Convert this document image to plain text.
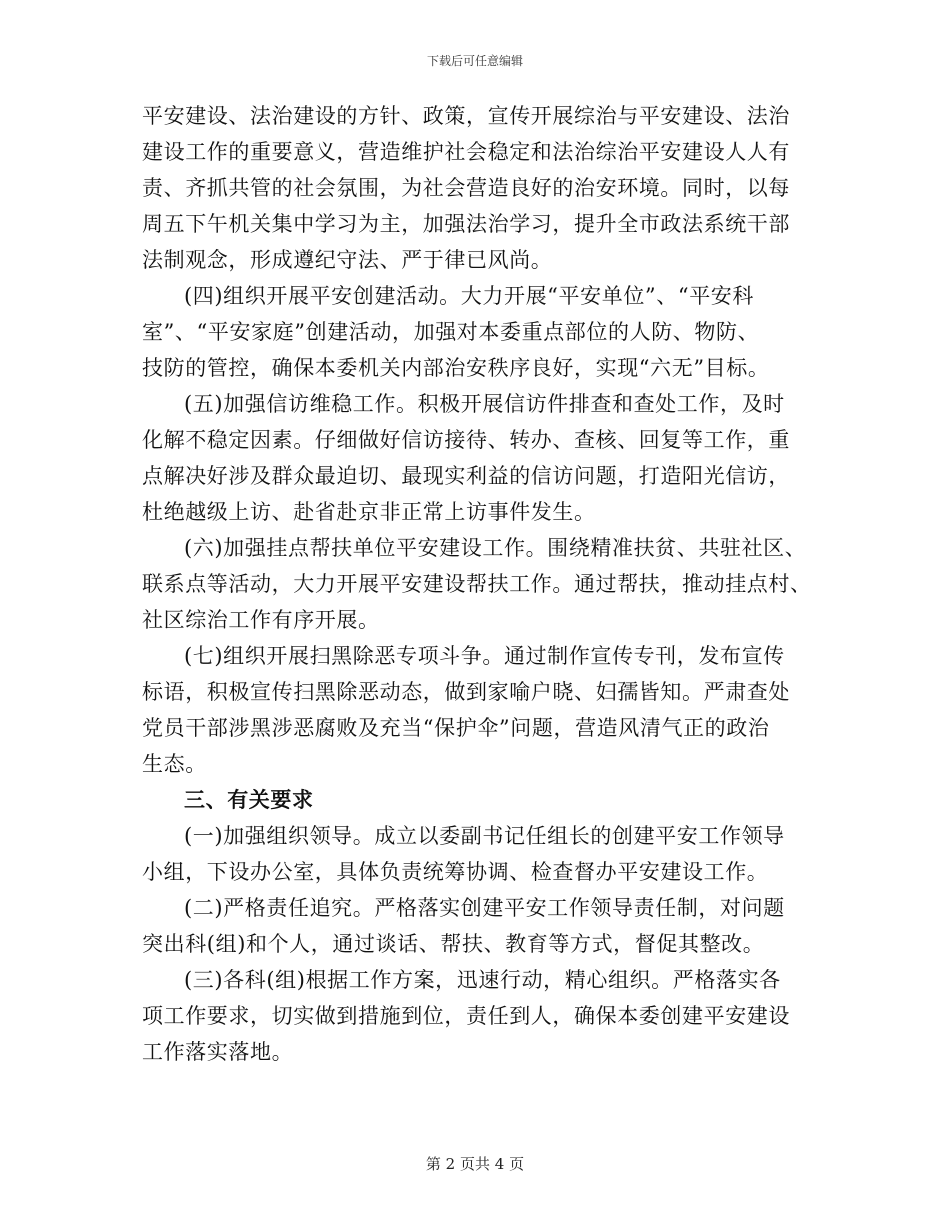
下载后可任意编辑
平安建设、法治建设的方针、政策，宣传开展综治与平安建设、法治
建设工作的重要意义，营造维护社会稳定和法治综治平安建设人人有
责、齐抓共管的社会氛围，为社会营造良好的治安环境。同时，以每
周五下午机关集中学习为主，加强法治学习，提升全市政法系统干部
法制观念，形成遵纪守法、严于律已风尚。
(四)组织开展平安创建活动。大力开展“平安单位”、“平安科
室”、“平安家庭”创建活动，加强对本委重点部位的人防、物防、
技防的管控，确保本委机关内部治安秩序良好，实现“六无”目标。
(五)加强信访维稳工作。积极开展信访件排查和查处工作，及时
化解不稳定因素。仔细做好信访接待、转办、查核、回复等工作，重
点解决好涉及群众最迫切、最现实利益的信访问题，打造阳光信访，
杜绝越级上访、赴省赴京非正常上访事件发生。
(六)加强挂点帮扶单位平安建设工作。围绕精准扶贫、共驻社区、
联系点等活动，大力开展平安建设帮扶工作。通过帮扶，推动挂点村、
社区综治工作有序开展。
(七)组织开展扫黑除恶专项斗争。通过制作宣传专刊，发布宣传
标语，积极宣传扫黑除恶动态，做到家喻户晓、妇孺皆知。严肃查处
党员干部涉黑涉恶腐败及充当“保护伞”问题，营造风清气正的政治
生态。
三、有关要求
(一)加强组织领导。成立以委副书记任组长的创建平安工作领导
小组，下设办公室，具体负责统筹协调、检查督办平安建设工作。
(二)严格责任追究。严格落实创建平安工作领导责任制，对问题
突出科(组)和个人，通过谈话、帮扶、教育等方式，督促其整改。
(三)各科(组)根据工作方案，迅速行动，精心组织。严格落实各
项工作要求，切实做到措施到位，责任到人，确保本委创建平安建设
工作落实落地。
第 2 页共 4 页
